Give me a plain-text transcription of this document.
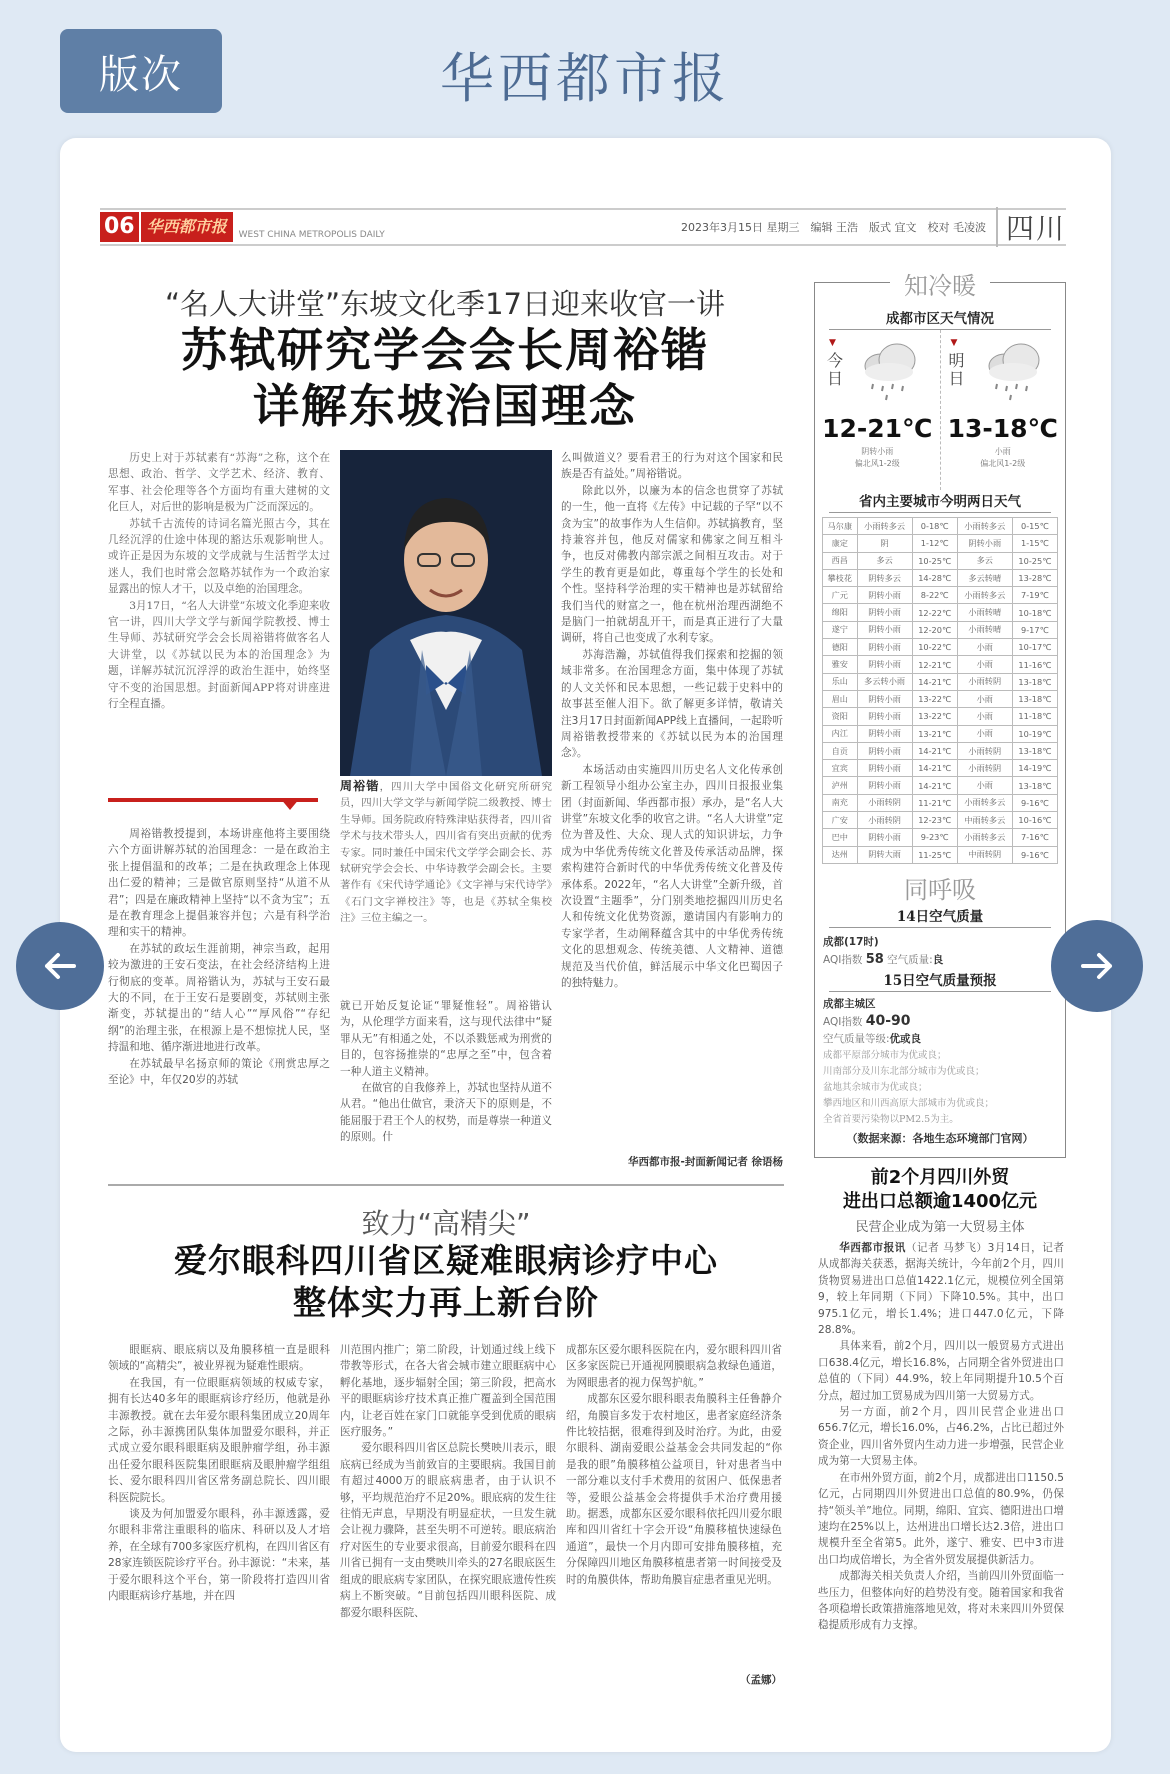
版次	华西都市报
06 华西都市报	WEST CHINA METROPOLIS DAILY
2023年3月15日 星期三　编辑 王浩　版式 宜文　校对 毛凌波 四川
“名人大讲堂”东坡文化季17日迎来收官一讲
苏轼研究学会会长周裕锴
详解东坡治国理念

历史上对于苏轼素有“苏海”之称，这个在思想、政治、哲学、文学艺术、经济、教育、军事、社会伦理等各个方面均有重大建树的文化巨人，对后世的影响是极为广泛而深远的。

苏轼千古流传的诗词名篇光照古今，其在几经沉浮的仕途中体现的豁达乐观影响世人。或许正是因为东坡的文学成就与生活哲学太过迷人，我们也时常会忽略苏轼作为一个政治家显露出的惊人才干，以及卓绝的治国理念。

3月17日，“名人大讲堂”东坡文化季迎来收官一讲，四川大学文学与新闻学院教授、博士生导师、苏轼研究学会会长周裕锴将做客名人大讲堂，以《苏轼以民为本的治国理念》为题，详解苏轼沉沉浮浮的政治生涯中，始终坚守不变的治国思想。封面新闻APP将对讲座进行全程直播。

周裕锴，四川大学中国俗文化研究所研究员，四川大学文学与新闻学院二级教授、博士生导师。国务院政府特殊津贴获得者，四川省学术与技术带头人，四川省有突出贡献的优秀专家。同时兼任中国宋代文学学会副会长、苏轼研究学会会长、中华诗教学会副会长。主要著作有《宋代诗学通论》《文字禅与宋代诗学》《石门文字禅校注》等，也是《苏轼全集校注》三位主编之一。

周裕锴教授提到，本场讲座他将主要围绕六个方面讲解苏轼的治国理念：一是在政治主张上提倡温和的改革；二是在执政理念上体现出仁爱的精神；三是做官原则坚持“从道不从君”；四是在廉政精神上坚持“以不贪为宝”；五是在教育理念上提倡兼容并包；六是有科学治理和实干的精神。

在苏轼的政坛生涯前期，神宗当政，起用较为激进的王安石变法，在社会经济结构上进行彻底的变革。周裕锴认为，苏轼与王安石最大的不同，在于王安石是要剧变，苏轼则主张渐变，苏轼提出的“结人心”“厚风俗”“存纪纲”的治理主张，在根源上是不想惊扰人民，坚持温和地、循序渐进地进行改革。

在苏轼最早名扬京师的策论《刑赏忠厚之至论》中，年仅20岁的苏轼

就已开始反复论证“罪疑惟轻”。周裕锴认为，从伦理学方面来看，这与现代法律中“疑罪从无”有相通之处，不以杀戮惩戒为刑赏的目的，包容扬推崇的“忠厚之至”中，包含着一种人道主义精神。

在做官的自我修养上，苏轼也坚持从道不从君。“他出仕做官，秉济天下的原则是，不能屈服于君王个人的权势，而是尊崇一种道义的原则。什

么叫做道义？要看君王的行为对这个国家和民族是否有益处。”周裕锴说。

除此以外，以廉为本的信念也贯穿了苏轼的一生，他一直将《左传》中记载的子罕“以不贪为宝”的故事作为人生信仰。苏轼搞教育，坚持兼容并包，他反对儒家和佛家之间互相斗争，也反对佛教内部宗派之间相互攻击。对于学生的教育更是如此，尊重每个学生的长处和个性。坚持科学治理的实干精神也是苏轼留给我们当代的财富之一，他在杭州治理西湖绝不是脑门一拍就胡乱开干，而是真正进行了大量调研，将自己也变成了水利专家。

苏海浩瀚，苏轼值得我们探索和挖掘的领域非常多。在治国理念方面，集中体现了苏轼的人文关怀和民本思想，一些记载于史料中的故事甚至催人泪下。欲了解更多详情，敬请关注3月17日封面新闻APP线上直播间，一起聆听周裕锴教授带来的《苏轼以民为本的治国理念》。

本场活动由实施四川历史名人文化传承创新工程领导小组办公室主办，四川日报报业集团（封面新闻、华西都市报）承办，是“名人大讲堂”东坡文化季的收官之讲。“名人大讲堂”定位为普及性、大众、现人式的知识讲坛，力争成为中华优秀传统文化普及传承活动品牌，探索构建符合新时代的中华优秀传统文化普及传承体系。2022年，“名人大讲堂”全新升级，首次设置“主题季”，分门别类地挖掘四川历史名人和传统文化优势资源，邀请国内有影响力的专家学者，生动阐释蕴含其中的中华优秀传统文化的思想观念、传统美德、人文精神、道德规范及当代价值，鲜活展示中华文化巴蜀因子的独特魅力。

华西都市报-封面新闻记者 徐语杨
致力“高精尖”
爱尔眼科四川省区疑难眼病诊疗中心
整体实力再上新台阶

眼眶病、眼底病以及角膜移植一直是眼科领域的“高精尖”，被业界视为疑难性眼病。

在我国，有一位眼眶病领域的权威专家，拥有长达40多年的眼眶病诊疗经历，他就是孙丰源教授。就在去年爱尔眼科集团成立20周年之际，孙丰源携团队集体加盟爱尔眼科，并正式成立爱尔眼科眼眶病及眼肿瘤学组，孙丰源出任爱尔眼科医院集团眼眶病及眼肿瘤学组组长、爱尔眼科四川省区常务副总院长、四川眼科医院院长。

谈及为何加盟爱尔眼科，孙丰源透露，爱尔眼科非常注重眼科的临床、科研以及人才培养，在全球有700多家医疗机构，在四川省区有28家连锁医院诊疗平台。孙丰源说：“未来，基于爱尔眼科这个平台，第一阶段将打造四川省内眼眶病诊疗基地，并在四

川范围内推广；第二阶段，计划通过线上线下带教等形式，在各大省会城市建立眼眶病中心孵化基地，逐步辐射全国；第三阶段，把高水平的眼眶病诊疗技术真正推广覆盖到全国范围内，让老百姓在家门口就能享受到优质的眼病医疗服务。”

爱尔眼科四川省区总院长樊映川表示，眼底病已经成为当前致盲的主要眼病。我国目前有超过4000万的眼底病患者，由于认识不够，平均规范治疗不足20%。眼底病的发生往往悄无声息，早期没有明显症状，一旦发生就会让视力骤降，甚至失明不可逆转。眼底病治疗对医生的专业要求很高，目前爱尔眼科在四川省已拥有一支由樊映川牵头的27名眼底医生组成的眼底病专家团队，在探究眼底遗传性疾病上不断突破。“目前包括四川眼科医院、成都爱尔眼科医院、

成都东区爱尔眼科医院在内，爱尔眼科四川省区多家医院已开通视网膜眼病急救绿色通道，为网眼患者的视力保驾护航。”

成都东区爱尔眼科眼表角膜科主任鲁静介绍，角膜盲多发于农村地区，患者家庭经济条件比较拮据，很难得到及时治疗。为此，由爱尔眼科、湖南爱眼公益基金会共同发起的“你是我的眼”角膜移植公益项目，针对患者当中一部分难以支付手术费用的贫困户、低保患者等，爱眼公益基金会将提供手术治疗费用援助。据悉，成都东区爱尔眼科依托四川爱尔眼库和四川省红十字会开设“角膜移植快速绿色通道”，最快一个月内即可安排角膜移植，充分保障四川地区角膜移植患者第一时间接受及时的角膜供体，帮助角膜盲症患者重见光明。

（孟娜）
知冷暖
成都市区天气情况
▼
今日
12-21℃
阴转小雨
偏北风1-2级
▼
明日
13-18℃
小雨
偏北风1-2级
省内主要城市今明两日天气
马尔康	小雨转多云	0-18℃	小雨转多云	0-15℃
康定	阴	1-12℃	阴转小雨	1-15℃
西昌	多云	10-25℃	多云	10-25℃
攀枝花	阴转多云	14-28℃	多云转晴	13-28℃
广元	阴转小雨	8-22℃	小雨转多云	7-19℃
绵阳	阴转小雨	12-22℃	小雨转晴	10-18℃
遂宁	阴转小雨	12-20℃	小雨转晴	9-17℃
德阳	阴转小雨	10-22℃	小雨	10-17℃
雅安	阴转小雨	12-21℃	小雨	11-16℃
乐山	多云转小雨	14-21℃	小雨转阴	13-18℃
眉山	阴转小雨	13-22℃	小雨	13-18℃
资阳	阴转小雨	13-22℃	小雨	11-18℃
内江	阴转小雨	13-21℃	小雨	10-19℃
自贡	阴转小雨	14-21℃	小雨转阴	13-18℃
宜宾	阴转小雨	14-21℃	小雨转阴	14-19℃
泸州	阴转小雨	14-21℃	小雨	13-18℃
南充	小雨转阴	11-21℃	小雨转多云	9-16℃
广安	小雨转阴	12-23℃	中雨转多云	10-16℃
巴中	阴转小雨	9-23℃	小雨转多云	7-16℃
达州	阴转大雨	11-25℃	中雨转阴	9-16℃
同呼吸
14日空气质量
成都(17时)
AQI指数 58 空气质量:良
15日空气质量预报
成都主城区
AQI指数 40-90
空气质量等级:优或良
成都平原部分城市为优或良；
川南部分及川东北部分城市为优或良；
盆地其余城市为优或良；
攀西地区和川西高原大部城市为优或良；
全省首要污染物以PM2.5为主。
（数据来源：各地生态环境部门官网）
前2个月四川外贸
进出口总额逾1400亿元
民营企业成为第一大贸易主体

华西都市报讯（记者 马梦飞）3月14日，记者从成都海关获悉，据海关统计，今年前2个月，四川货物贸易进出口总值1422.1亿元，规模位列全国第9，较上年同期（下同）下降10.5%。其中，出口975.1亿元，增长1.4%；进口447.0亿元，下降28.8%。

具体来看，前2个月，四川以一般贸易方式进出口638.4亿元，增长16.8%，占同期全省外贸进出口总值的（下同）44.9%，较上年同期提升10.5个百分点，超过加工贸易成为四川第一大贸易方式。

另一方面，前2个月，四川民营企业进出口656.7亿元，增长16.0%，占46.2%，占比已超过外资企业，四川省外贸内生动力进一步增强，民营企业成为第一大贸易主体。

在市州外贸方面，前2个月，成都进出口1150.5亿元，占同期四川外贸进出口总值的80.9%，仍保持“领头羊”地位。同期，绵阳、宜宾、德阳进出口增速均在25%以上，达州进出口增长达2.3倍，进出口规模升至全省第5。此外，遂宁、雅安、巴中3市进出口均成倍增长，为全省外贸发展提供新活力。

成都海关相关负责人介绍，当前四川外贸面临一些压力，但整体向好的趋势没有变。随着国家和我省各项稳增长政策措施落地见效，将对未来四川外贸保稳提质形成有力支撑。
